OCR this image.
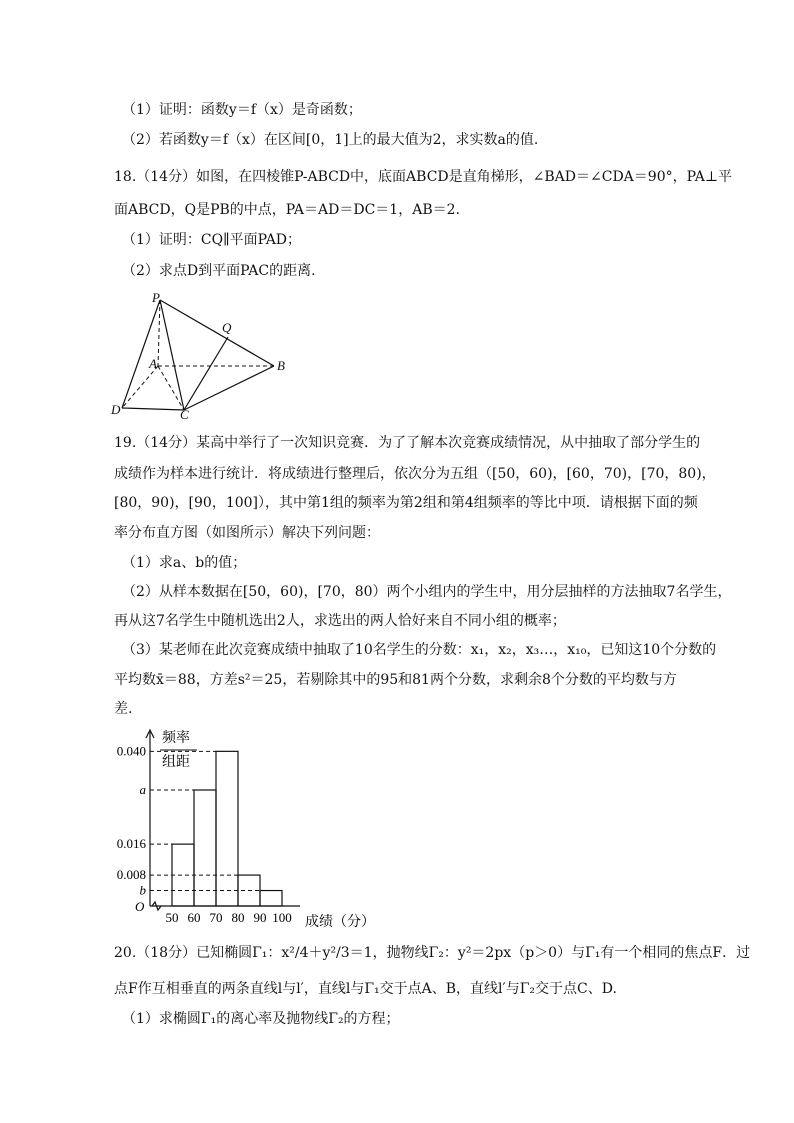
（1）证明：函数y＝f（x）是奇函数；
（2）若函数y＝f（x）在区间[0，1]上的最大值为2，求实数a的值.
18.（14分）如图，在四棱锥P-ABCD中，底面ABCD是直角梯形，∠BAD＝∠CDA＝90°，PA⊥平
面ABCD，Q是PB的中点，PA＝AD＝DC＝1，AB＝2.
（1）证明：CQ∥平面PAD；
（2）求点D到平面PAC的距离.
P
Q
A	B
D	C
19.（14分）某高中举行了一次知识竞赛．为了了解本次竞赛成绩情况，从中抽取了部分学生的
成绩作为样本进行统计．将成绩进行整理后，依次分为五组（[50，60)，[60，70)，[70，80)，
[80，90)，[90，100]），其中第1组的频率为第2组和第4组频率的等比中项．请根据下面的频
率分布直方图（如图所示）解决下列问题：
（1）求a、b的值；
（2）从样本数据在[50，60)，[70，80）两个小组内的学生中，用分层抽样的方法抽取7名学生，
再从这7名学生中随机选出2人，求选出的两人恰好来自不同小组的概率；
（3）某老师在此次竞赛成绩中抽取了10名学生的分数：x₁，x₂，x₃…，x₁₀，已知这10个分数的
平均数x̄＝88，方差s²＝25，若剔除其中的95和81两个分数，求剩余8个分数的平均数与方
差.
频率
组距
O
成绩（分）
50 60 70 80 90 100
0.040
a
0.016
0.008
b
20.（18分）已知椭圆Γ₁：x²/4＋y²/3＝1，抛物线Γ₂：y²＝2px（p＞0）与Γ₁有一个相同的焦点F．过
点F作互相垂直的两条直线l与l′，直线l与Γ₁交于点A、B，直线l′与Γ₂交于点C、D.
（1）求椭圆Γ₁的离心率及抛物线Γ₂的方程；
